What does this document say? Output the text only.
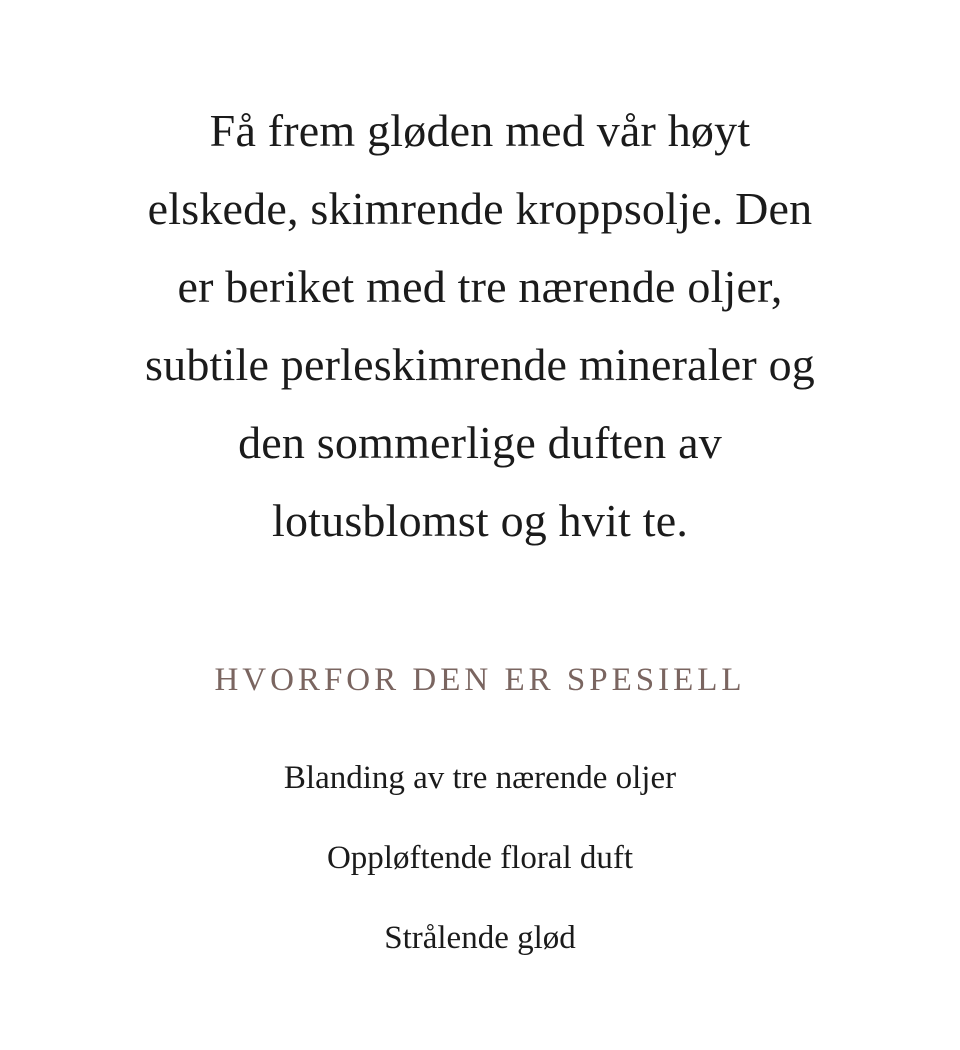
Få frem gløden med vår høyt
elskede, skimrende kroppsolje. Den
er beriket med tre nærende oljer,
subtile perleskimrende mineraler og
den sommerlige duften av
lotusblomst og hvit te.

HVORFOR DEN ER SPESIELL
Blanding av tre nærende oljer
Oppløftende floral duft
Strålende glød
